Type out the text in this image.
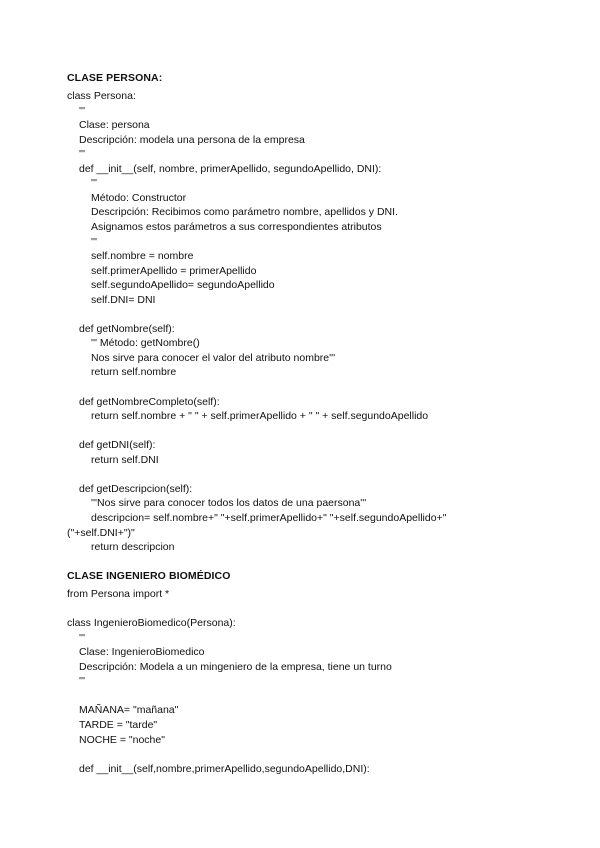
CLASE PERSONA:
class Persona:
'''
Clase: persona
Descripción: modela una persona de la empresa
'''
def __init__(self, nombre, primerApellido, segundoApellido, DNI):
'''
Método: Constructor
Descripción: Recibimos como parámetro nombre, apellidos y DNI.
Asignamos estos parámetros a sus correspondientes atributos
'''
self.nombre = nombre
self.primerApellido = primerApellido
self.segundoApellido= segundoApellido
self.DNI= DNI
def getNombre(self):
''' Método: getNombre()
Nos sirve para conocer el valor del atributo nombre'''
return self.nombre
def getNombreCompleto(self):
return self.nombre + " " + self.primerApellido + " " + self.segundoApellido
def getDNI(self):
return self.DNI
def getDescripcion(self):
'''Nos sirve para conocer todos los datos de una paersona'''
descripcion= self.nombre+" "+self.primerApellido+" "+self.segundoApellido+"
("+self.DNI+")"
return descripcion
CLASE INGENIERO BIOMÉDICO
from Persona import *
class IngenieroBiomedico(Persona):
'''
Clase: IngenieroBiomedico
Descripción: Modela a un mingeniero de la empresa, tiene un turno
'''
MAÑANA= "mañana"
TARDE = "tarde"
NOCHE = "noche"
def __init__(self,nombre,primerApellido,segundoApellido,DNI):
